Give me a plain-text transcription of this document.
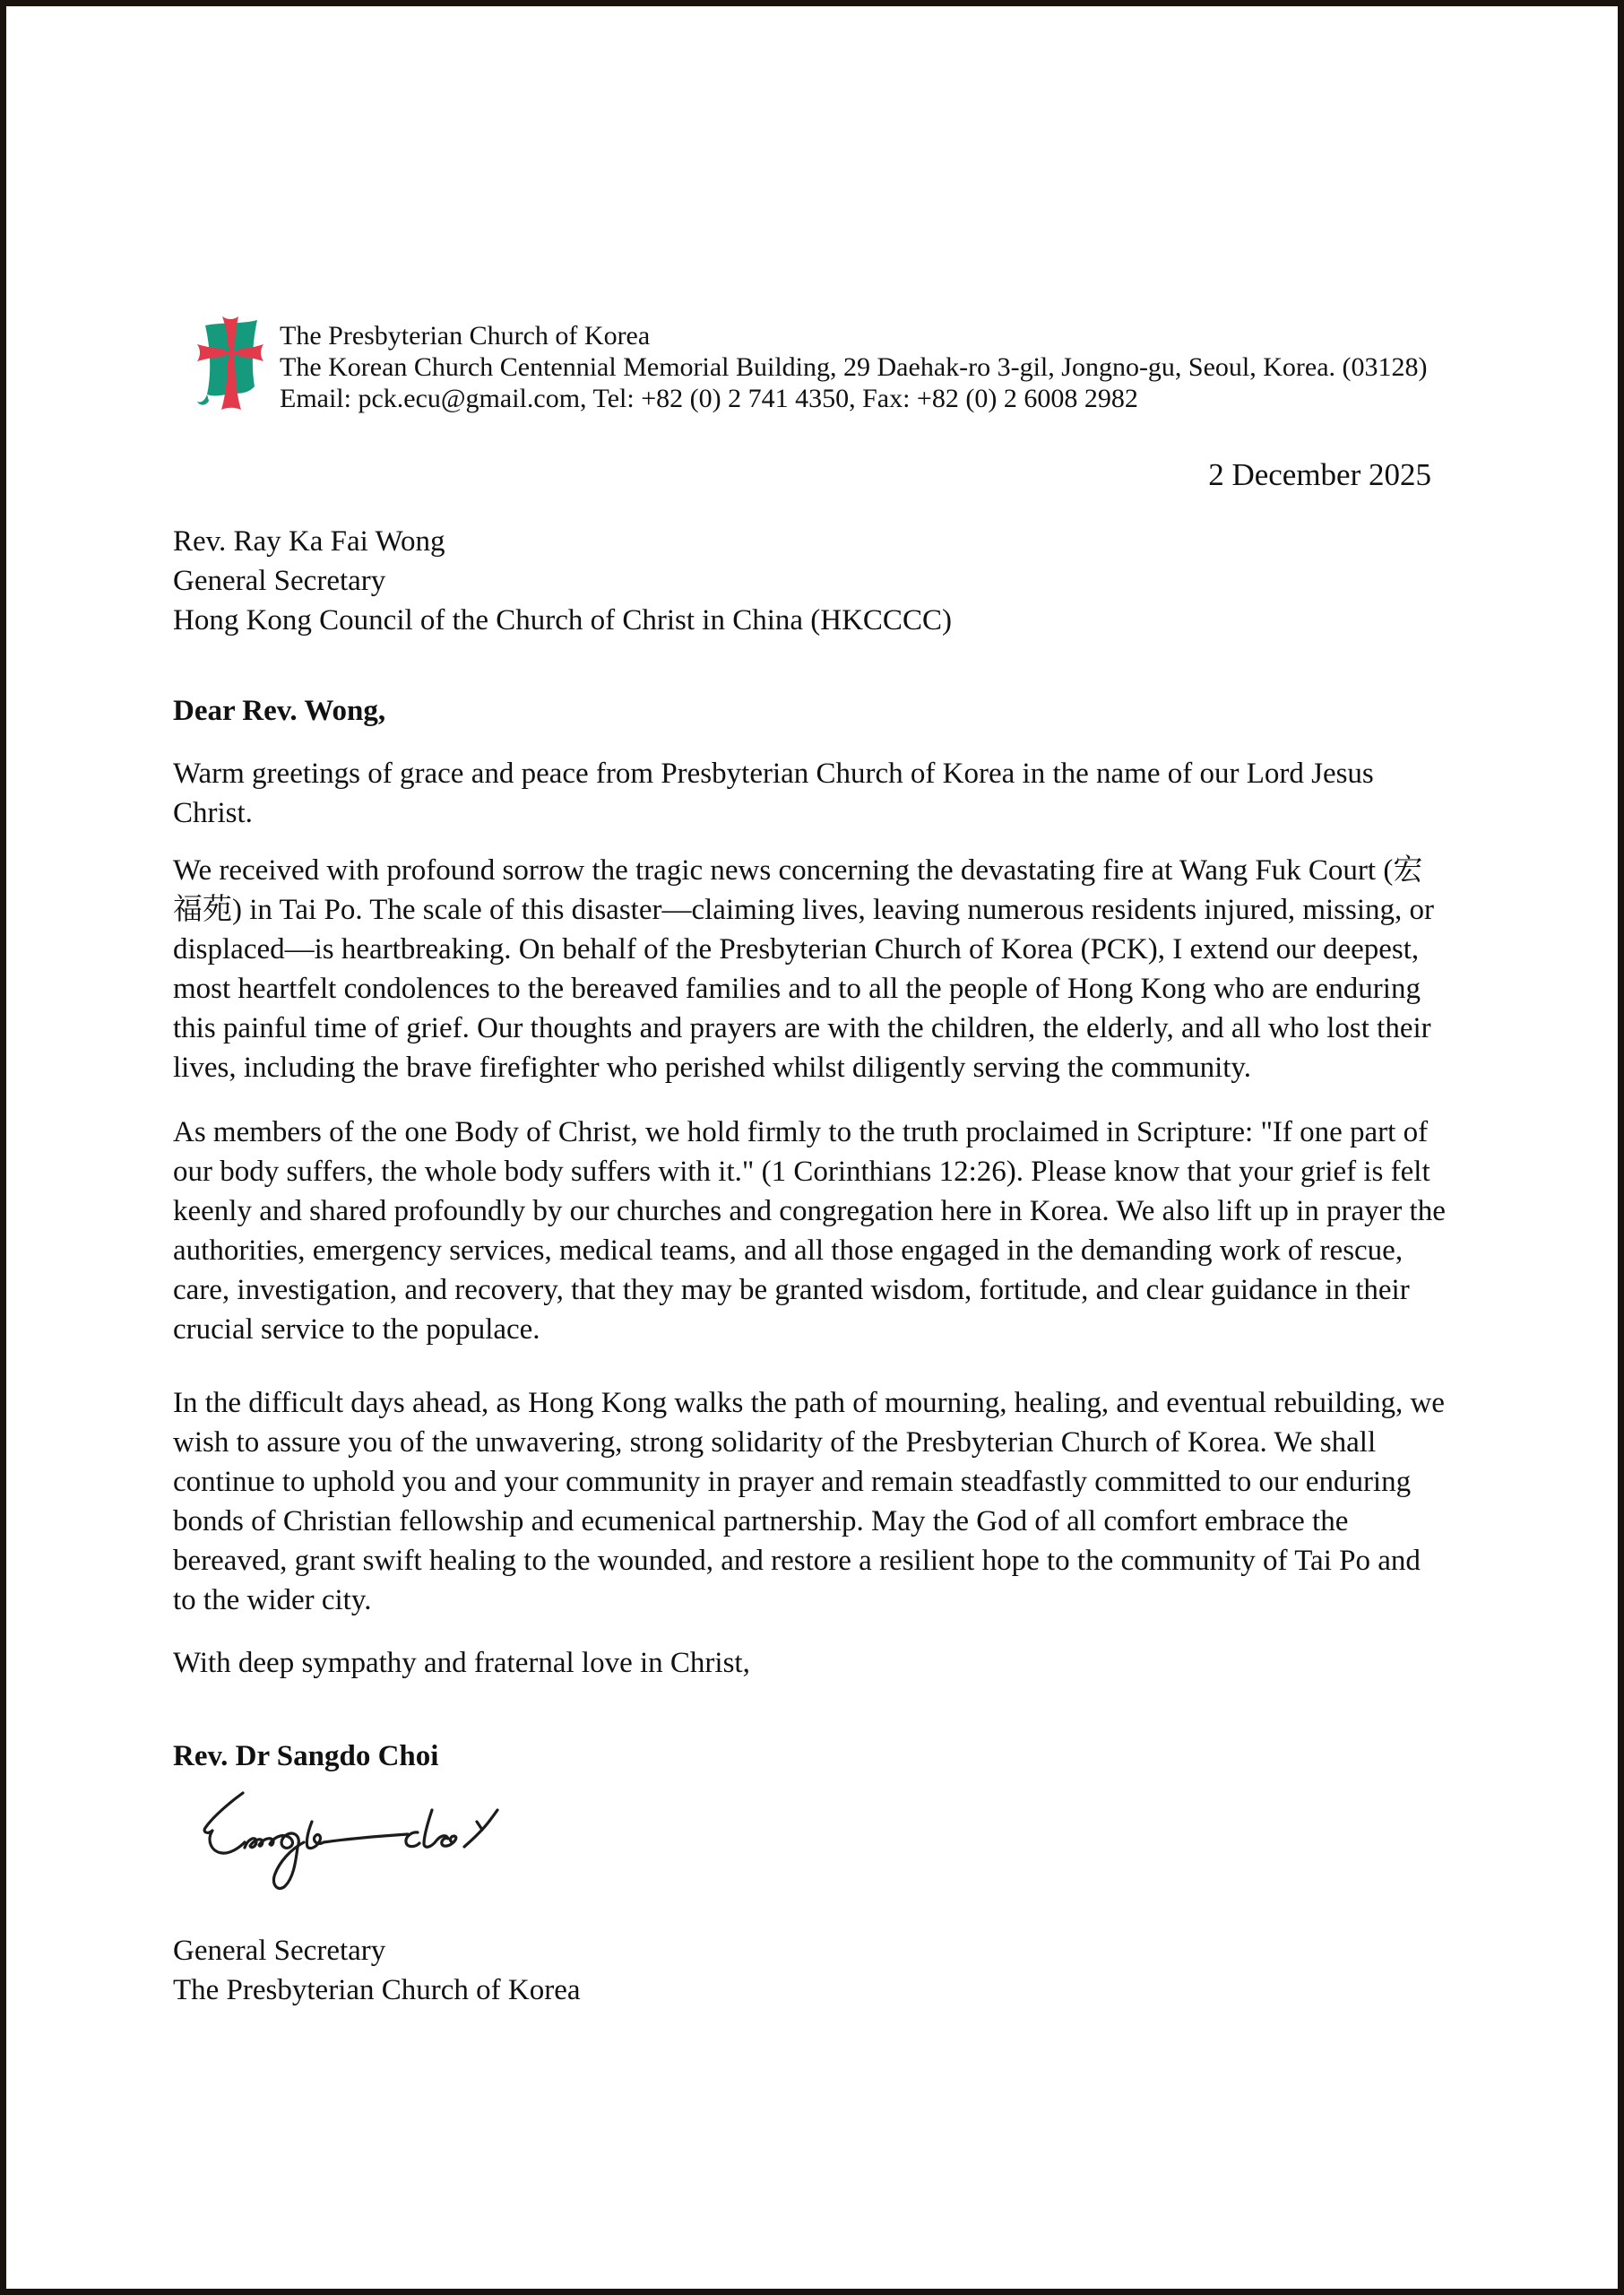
The Presbyterian Church of Korea
The Korean Church Centennial Memorial Building, 29 Daehak-ro 3-gil, Jongno-gu, Seoul, Korea. (03128)
Email: pck.ecu@gmail.com, Tel: +82 (0) 2 741 4350, Fax: +82 (0) 2 6008 2982
2 December 2025
Rev. Ray Ka Fai Wong
General Secretary
Hong Kong Council of the Church of Christ in China (HKCCCC)

Dear Rev. Wong,

Warm greetings of grace and peace from Presbyterian Church of Korea in the name of our Lord Jesus Christ.

We received with profound sorrow the tragic news concerning the devastating fire at Wang Fuk Court (宏福苑) in Tai Po. The scale of this disaster—claiming lives, leaving numerous residents injured, missing, or displaced—is heartbreaking. On behalf of the Presbyterian Church of Korea (PCK), I extend our deepest, most heartfelt condolences to the bereaved families and to all the people of Hong Kong who are enduring this painful time of grief. Our thoughts and prayers are with the children, the elderly, and all who lost their lives, including the brave firefighter who perished whilst diligently serving the community.

As members of the one Body of Christ, we hold firmly to the truth proclaimed in Scripture: "If one part of our body suffers, the whole body suffers with it." (1 Corinthians 12:26). Please know that your grief is felt keenly and shared profoundly by our churches and congregation here in Korea. We also lift up in prayer the authorities, emergency services, medical teams, and all those engaged in the demanding work of rescue, care, investigation, and recovery, that they may be granted wisdom, fortitude, and clear guidance in their crucial service to the populace.

In the difficult days ahead, as Hong Kong walks the path of mourning, healing, and eventual rebuilding, we wish to assure you of the unwavering, strong solidarity of the Presbyterian Church of Korea. We shall continue to uphold you and your community in prayer and remain steadfastly committed to our enduring bonds of Christian fellowship and ecumenical partnership. May the God of all comfort embrace the bereaved, grant swift healing to the wounded, and restore a resilient hope to the community of Tai Po and to the wider city.

With deep sympathy and fraternal love in Christ,

Rev. Dr Sangdo Choi
General Secretary
The Presbyterian Church of Korea
